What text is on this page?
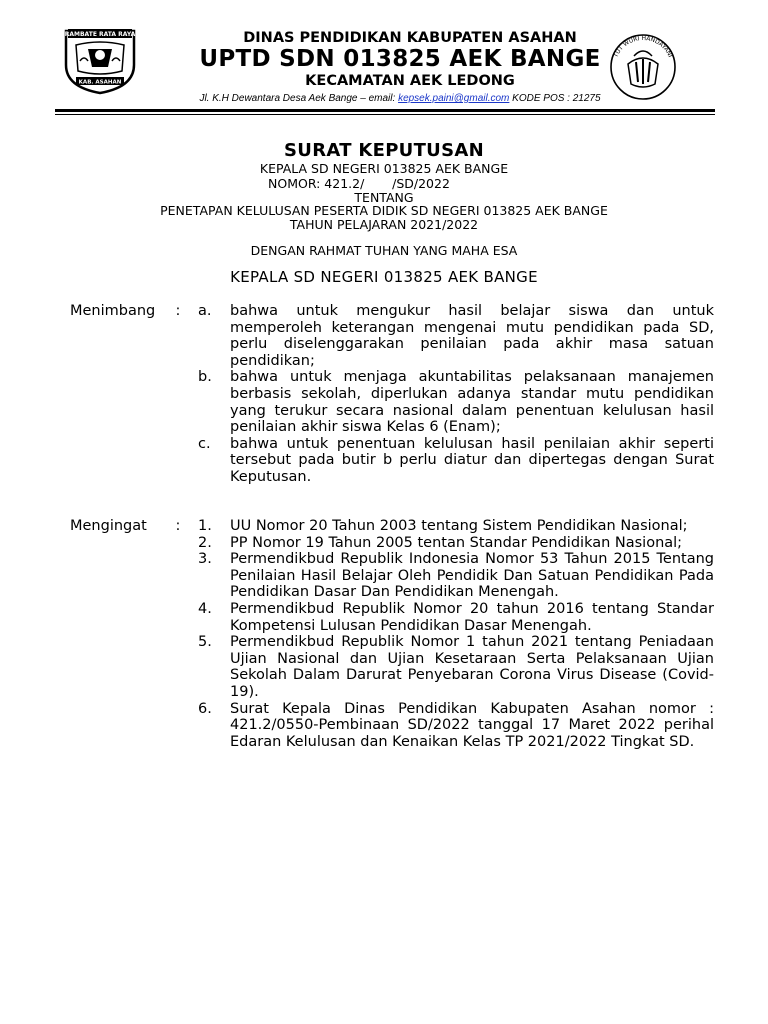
RAMBATE RATA RAYA
KAB. ASAHAN
DINAS PENDIDIKAN KABUPATEN ASAHAN
UPTD SDN 013825 AEK BANGE
KECAMATAN AEK LEDONG
Jl. K.H Dewantara Desa Aek Bange – email: kepsek.paini@gmail.com KODE POS : 21275
TUT WURI HANDAYANI
SURAT KEPUTUSAN
KEPALA SD NEGERI 013825 AEK BANGE
NOMOR: 421.2/       /SD/2022
TENTANG
PENETAPAN KELULUSAN PESERTA DIDIK SD NEGERI 013825 AEK BANGE
TAHUN PELAJARAN 2021/2022
DENGAN RAHMAT TUHAN YANG MAHA ESA
KEPALA SD NEGERI 013825 AEK BANGE
Menimbang	:	a.	bahwa untuk mengukur hasil belajar siswa dan untuk memperoleh keterangan mengenai mutu pendidikan pada SD, perlu diselenggarakan penilaian pada akhir masa satuan pendidikan;
b.	bahwa untuk menjaga akuntabilitas pelaksanaan manajemen berbasis sekolah, diperlukan adanya standar mutu pendidikan yang terukur secara nasional dalam penentuan kelulusan hasil penilaian akhir siswa Kelas 6 (Enam);
c.	bahwa untuk penentuan kelulusan hasil penilaian akhir seperti tersebut pada butir b perlu diatur dan dipertegas dengan Surat Keputusan.
Mengingat	:	1.	UU Nomor 20 Tahun 2003 tentang Sistem Pendidikan Nasional;
2.	PP Nomor 19 Tahun 2005 tentan Standar Pendidikan Nasional;
3.	Permendikbud Republik Indonesia Nomor 53 Tahun 2015 Tentang Penilaian Hasil Belajar Oleh Pendidik Dan Satuan Pendidikan Pada Pendidikan Dasar Dan Pendidikan Menengah.
4.	Permendikbud Republik Nomor 20 tahun 2016 tentang Standar Kompetensi Lulusan Pendidikan Dasar Menengah.
5.	Permendikbud Republik Nomor 1 tahun 2021 tentang Peniadaan Ujian Nasional dan Ujian Kesetaraan Serta Pelaksanaan Ujian Sekolah Dalam Darurat Penyebaran Corona Virus Disease (Covid-19).
6.	Surat Kepala Dinas Pendidikan Kabupaten Asahan nomor : 421.2/0550-Pembinaan SD/2022 tanggal 17 Maret 2022 perihal Edaran Kelulusan dan Kenaikan Kelas TP 2021/2022 Tingkat SD.
